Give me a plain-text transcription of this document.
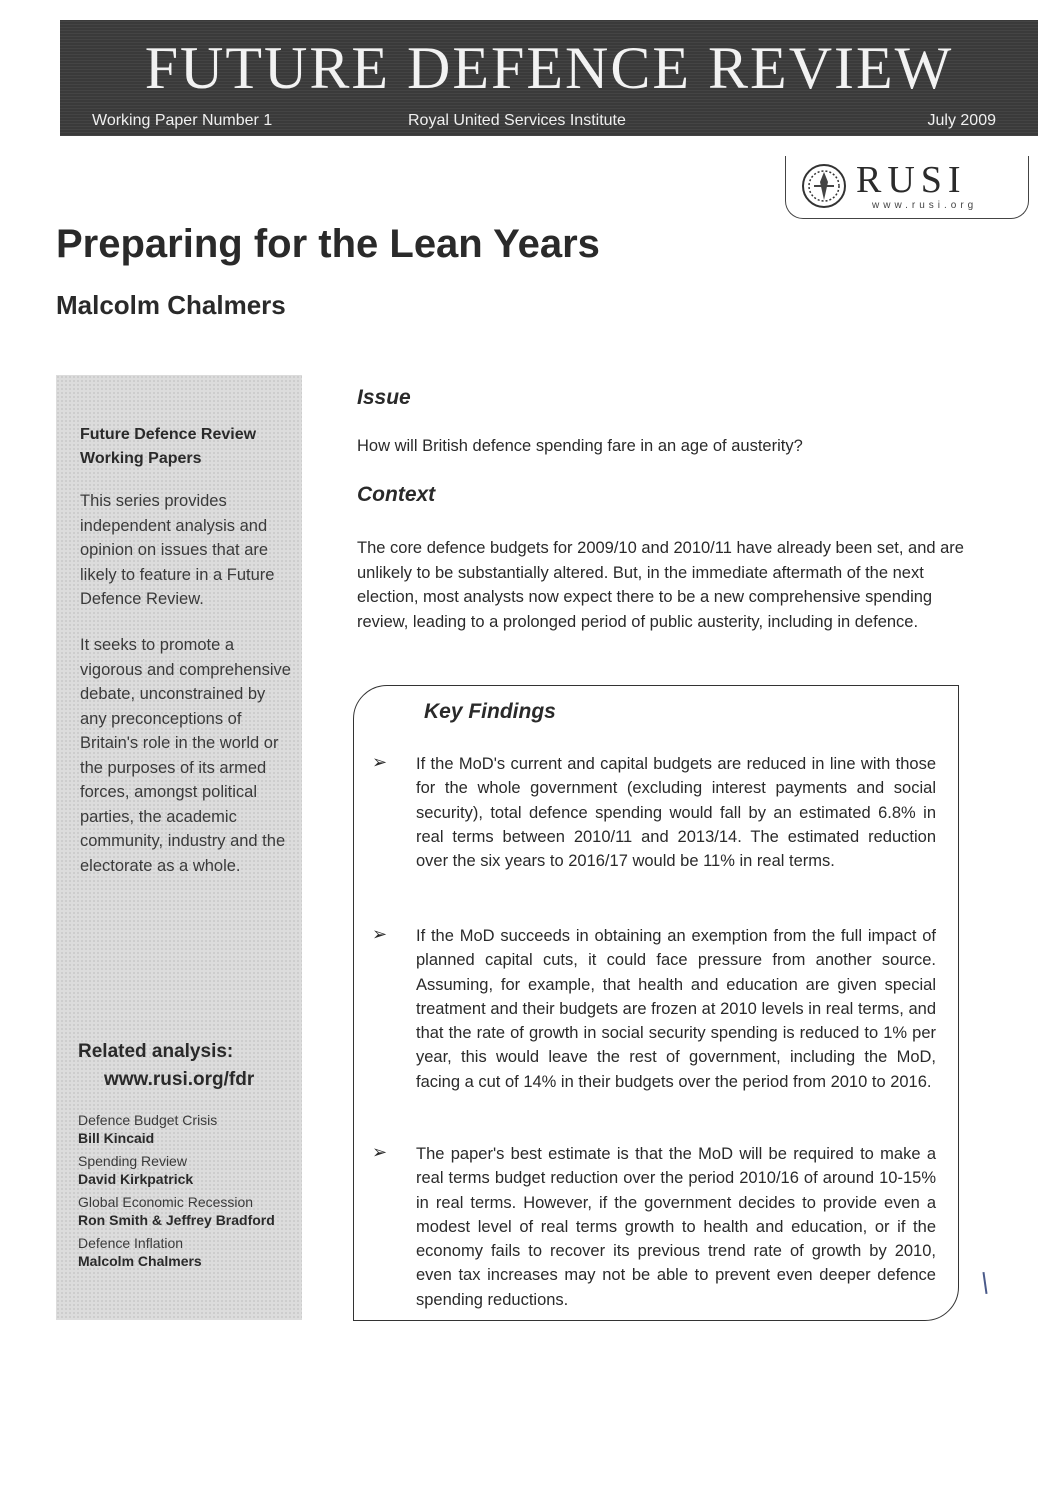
FUTURE DEFENCE REVIEW
Working Paper Number 1	Royal United Services Institute	July 2009
RUSI
www.rusi.org
Preparing for the Lean Years
Malcolm Chalmers
Future Defence Review Working Papers

This series provides independent analysis and opinion on issues that are likely to feature in a Future Defence Review.

It seeks to promote a vigorous and comprehensive debate, unconstrained by any preconceptions of Britain's role in the world or the purposes of its armed forces, amongst political parties, the academic community, industry and the electorate as a whole.

Related analysis:
www.rusi.org/fdr
Defence Budget Crisis
Bill Kincaid
Spending Review
David Kirkpatrick
Global Economic Recession
Ron Smith & Jeffrey Bradford
Defence Inflation
Malcolm Chalmers
Issue
How will British defence spending fare in an age of austerity?
Context

The core defence budgets for 2009/10 and 2010/11 have already been set, and are unlikely to be substantially altered. But, in the immediate aftermath of the next election, most analysts now expect there to be a new comprehensive spending review, leading to a prolonged period of public austerity, including in defence.

Key Findings
➢ If the MoD's current and capital budgets are reduced in line with those for the whole government (excluding interest payments and social security), total defence spending would fall by an estimated 6.8% in real terms between 2010/11 and 2013/14. The estimated reduction over the six years to 2016/17 would be 11% in real terms.

➢ If the MoD succeeds in obtaining an exemption from the full impact of planned capital cuts, it could face pressure from another source. Assuming, for example, that health and education are given special treatment and their budgets are frozen at 2010 levels in real terms, and that the rate of growth in social security spending is reduced to 1% per year, this would leave the rest of government, including the MoD, facing a cut of 14% in their budgets over the period from 2010 to 2016.

➢ The paper's best estimate is that the MoD will be required to make a real terms budget reduction over the period 2010/16 of around 10-15% in real terms. However, if the government decides to provide even a modest level of real terms growth to health and education, or if the economy fails to recover its previous trend rate of growth by 2010, even tax increases may not be able to prevent even deeper defence spending reductions.
